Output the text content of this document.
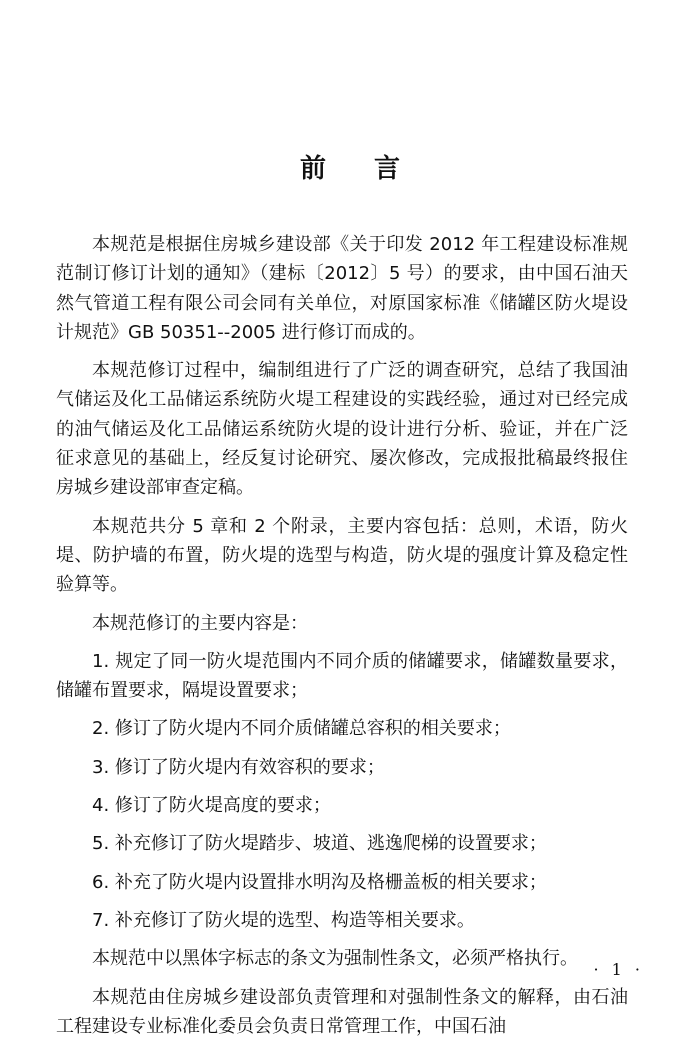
前言

本规范是根据住房城乡建设部《关于印发 2012 年工程建设标准规范制订修订计划的通知》（建标〔2012〕5 号）的要求，由中国石油天然气管道工程有限公司会同有关单位，对原国家标准《储罐区防火堤设计规范》GB 50351--2005 进行修订而成的。

本规范修订过程中，编制组进行了广泛的调查研究，总结了我国油气储运及化工品储运系统防火堤工程建设的实践经验，通过对已经完成的油气储运及化工品储运系统防火堤的设计进行分析、验证，并在广泛征求意见的基础上，经反复讨论研究、屡次修改，完成报批稿最终报住房城乡建设部审查定稿。

本规范共分 5 章和 2 个附录，主要内容包括：总则，术语，防火堤、防护墙的布置，防火堤的选型与构造，防火堤的强度计算及稳定性验算等。

本规范修订的主要内容是：

1. 规定了同一防火堤范围内不同介质的储罐要求，储罐数量要求，储罐布置要求，隔堤设置要求；

2. 修订了防火堤内不同介质储罐总容积的相关要求；

3. 修订了防火堤内有效容积的要求；

4. 修订了防火堤高度的要求；

5. 补充修订了防火堤踏步、坡道、逃逸爬梯的设置要求；

6. 补充了防火堤内设置排水明沟及格栅盖板的相关要求；

7. 补充修订了防火堤的选型、构造等相关要求。

本规范中以黑体字标志的条文为强制性条文，必须严格执行。

本规范由住房城乡建设部负责管理和对强制性条文的解释，由石油工程建设专业标准化委员会负责日常管理工作，中国石油

· 1 ·
